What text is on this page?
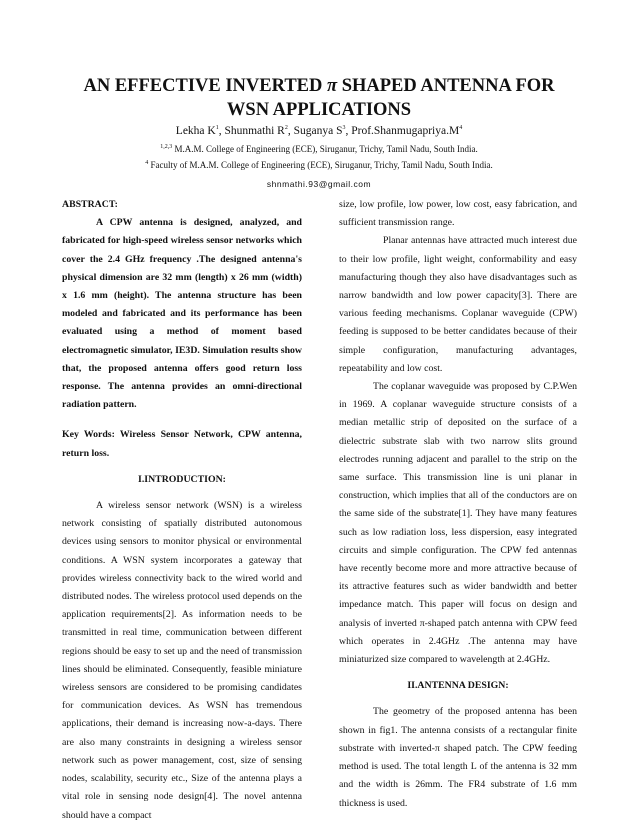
AN EFFECTIVE INVERTED π SHAPED ANTENNA FOR
WSN APPLICATIONS
Lekha $K^1$, Shunmathi $R^2$, Suganya $S^3$, $Prof.Shanmugapriya.M^4$
$^{1,2,3}$ M.A.M. College of Engineering (ECE), Siruganur, Trichy, Tamil Nadu, South India.
$^4$ Faculty of M.A.M. College of Engineering (ECE), Siruganur, Trichy, Tamil Nadu, South India.
shnmathi.93@gmail.com

ABSTRACT:

A CPW antenna is designed, analyzed, and fabricated for high-speed wireless sensor networks which cover the 2.4 GHz frequency .The designed antenna's physical dimension are 32 mm (length) x 26 mm (width) x 1.6 mm (height). The antenna structure has been modeled and fabricated and its performance has been evaluated using a method of moment based electromagnetic simulator, IE3D. Simulation results show that, the proposed antenna offers good return loss response. The antenna provides an omni-directional radiation pattern.

Key Words: Wireless Sensor Network, CPW antenna, return loss.

I.INTRODUCTION:

A wireless sensor network (WSN) is a wireless network consisting of spatially distributed autonomous devices using sensors to monitor physical or environmental conditions. A WSN system incorporates a gateway that provides wireless connectivity back to the wired world and distributed nodes. The wireless protocol used depends on the application requirements[2]. As information needs to be transmitted in real time, communication between different regions should be easy to set up and the need of transmission lines should be eliminated. Consequently, feasible miniature wireless sensors are considered to be promising candidates for communication devices. As WSN has tremendous applications, their demand is increasing now-a-days. There are also many constraints in designing a wireless sensor network such as power management, cost, size of sensing nodes, scalability, security etc., Size of the antenna plays a vital role in sensing node design[4]. The novel antenna should have a compact

size, low profile, low power, low cost, easy fabrication, and sufficient transmission range.

Planar antennas have attracted much interest due to their low profile, light weight, conformability and easy manufacturing though they also have disadvantages such as narrow bandwidth and low power capacity[3]. There are various feeding mechanisms. Coplanar waveguide (CPW) feeding is supposed to be better candidates because of their simple configuration, manufacturing advantages, repeatability and low cost.

The coplanar waveguide was proposed by C.P.Wen in 1969. A coplanar waveguide structure consists of a median metallic strip of deposited on the surface of a dielectric substrate slab with two narrow slits ground electrodes running adjacent and parallel to the strip on the same surface. This transmission line is uni planar in construction, which implies that all of the conductors are on the same side of the substrate[1]. They have many features such as low radiation loss, less dispersion, easy integrated circuits and simple configuration. The CPW fed antennas have recently become more and more attractive because of its attractive features such as wider bandwidth and better impedance match. This paper will focus on design and analysis of inverted π-shaped patch antenna with CPW feed which operates in 2.4GHz .The antenna may have miniaturized size compared to wavelength at 2.4GHz.

II.ANTENNA DESIGN:

The geometry of the proposed antenna has been shown in fig1. The antenna consists of a rectangular finite substrate with inverted-π shaped patch. The CPW feeding method is used. The total length L of the antenna is 32 mm and the width is 26mm. The FR4 substrate of 1.6 mm thickness is used.
